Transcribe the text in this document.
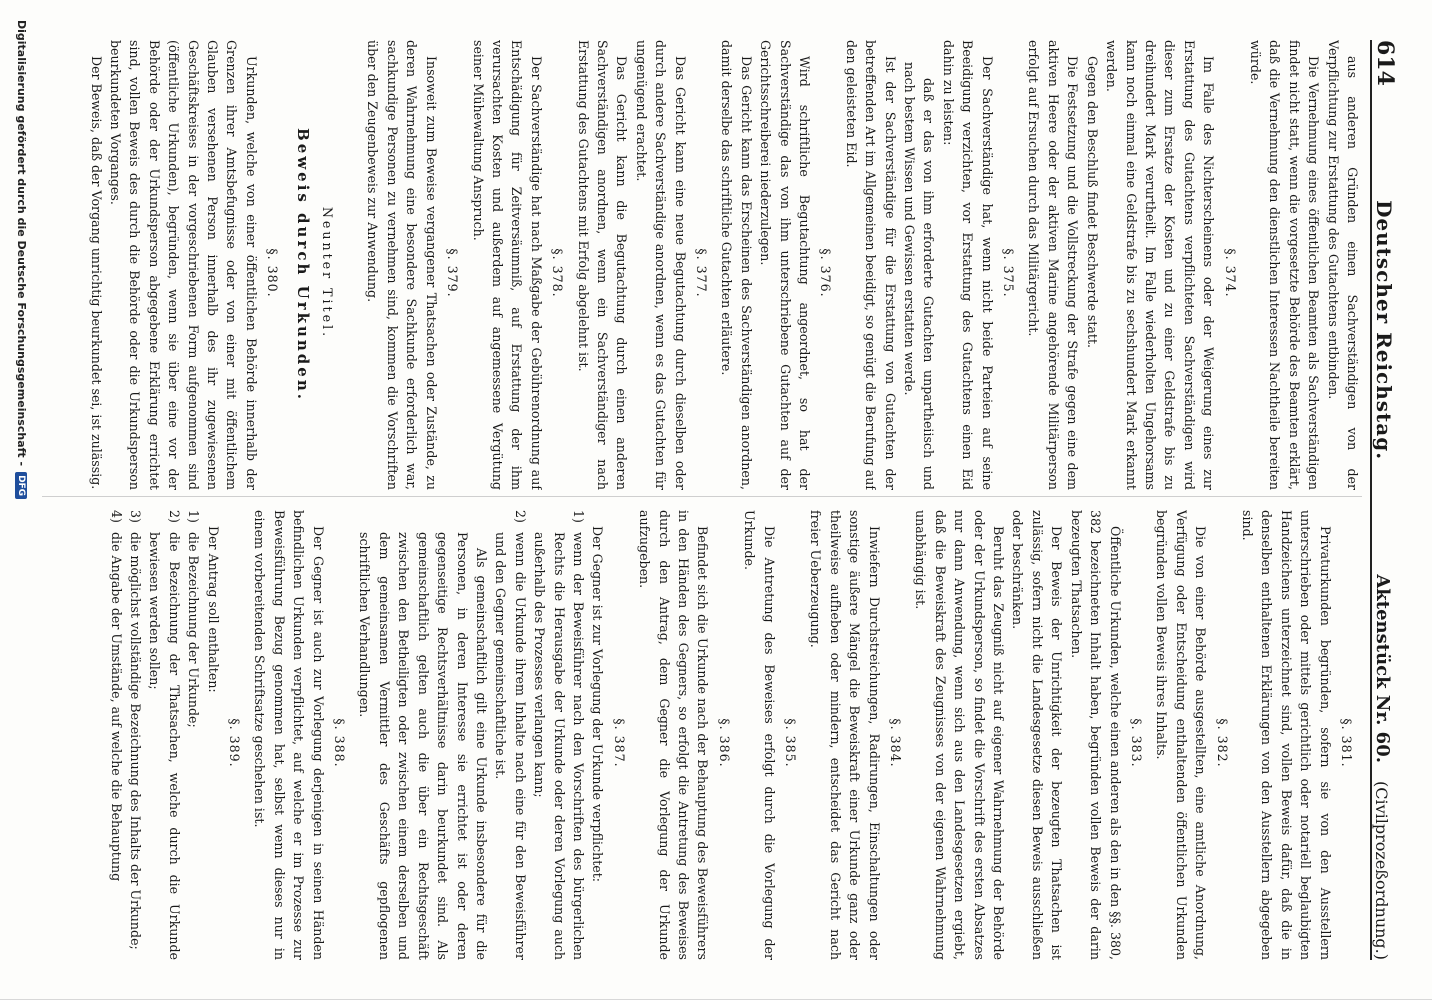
614
Deutscher Reichstag.
Aktenstück Nr. 60.
(Civilprozeßordnung.)

aus anderen Gründen einen Sachverständigen von der Verpflichtung zur Erstattung des Gutachtens entbinden.

Die Vernehmung eines öffentlichen Beamten als Sachverständigen findet nicht statt, wenn die vorgesetzte Behörde des Beamten erklärt, daß die Vernehmung den dienstlichen Interessen Nachtheile bereiten würde.

§. 374.

Im Falle des Nichterscheinens oder der Weigerung eines zur Erstattung des Gutachtens verpflichteten Sachverständigen wird dieser zum Ersatze der Kosten und zu einer Geldstrafe bis zu dreihundert Mark verurtheilt. Im Falle wiederholten Ungehorsams kann noch einmal eine Geldstrafe bis zu sechshundert Mark erkannt werden.

Gegen den Beschluß findet Beschwerde statt.

Die Festsetzung und die Vollstreckung der Strafe gegen eine dem aktiven Heere oder der aktiven Marine angehörende Militärperson erfolgt auf Ersuchen durch das Militärgericht.

§. 375.

Der Sachverständige hat, wenn nicht beide Parteien auf seine Beeidigung verzichten, vor Erstattung des Gutachtens einen Eid dahin zu leisten:

daß er das von ihm erforderte Gutachten unpartheiisch und nach bestem Wissen und Gewissen erstatten werde.

Ist der Sachverständige für die Erstattung von Gutachten der betreffenden Art im Allgemeinen beeidigt, so genügt die Berufung auf den geleisteten Eid.

§. 376.

Wird schriftliche Begutachtung angeordnet, so hat der Sachverständige das von ihm unterschriebene Gutachten auf der Gerichtsschreiberei niederzulegen.

Das Gericht kann das Erscheinen des Sachverständigen anordnen, damit derselbe das schriftliche Gutachten erläutere.

§. 377.

Das Gericht kann eine neue Begutachtung durch dieselben oder durch andere Sachverständige anordnen, wenn es das Gutachten für ungenügend erachtet.

Das Gericht kann die Begutachtung durch einen anderen Sachverständigen anordnen, wenn ein Sachverständiger nach Erstattung des Gutachtens mit Erfolg abgelehnt ist.

§. 378.

Der Sachverständige hat nach Maßgabe der Gebührenordnung auf Entschädigung für Zeitversäumniß, auf Erstattung der ihm verursachten Kosten und außerdem auf angemessene Vergütung seiner Mühewaltung Anspruch.

§. 379.

Insoweit zum Beweise vergangener Thatsachen oder Zustände, zu deren Wahrnehmung eine besondere Sachkunde erforderlich war, sachkundige Personen zu vernehmen sind, kommen die Vorschriften über den Zeugenbeweis zur Anwendung.

Neunter Titel.

Beweis durch Urkunden.

§. 380.

Urkunden, welche von einer öffentlichen Behörde innerhalb der Grenzen ihrer Amtsbefugnisse oder von einer mit öffentlichem Glauben versehenen Person innerhalb des ihr zugewiesenen Geschäftskreises in der vorgeschriebenen Form aufgenommen sind (öffentliche Urkunden), begründen, wenn sie über eine vor der Behörde oder der Urkundsperson abgegebene Erklärung errichtet sind, vollen Beweis des durch die Behörde oder die Urkundsperson beurkundeten Vorganges.

Der Beweis, daß der Vorgang unrichtig beurkundet sei, ist zulässig.

§. 381.

Privaturkunden begründen, sofern sie von den Ausstellern unterschrieben oder mittels gerichtlich oder notariell beglaubigten Handzeichens unterzeichnet sind, vollen Beweis dafür, daß die in denselben enthaltenen Erklärungen von den Ausstellern abgegeben sind.

§. 382.

Die von einer Behörde ausgestellten, eine amtliche Anordnung, Verfügung oder Entscheidung enthaltenden öffentlichen Urkunden begründen vollen Beweis ihres Inhalts.

§. 383.

Öffentliche Urkunden, welche einen anderen als den in den §§. 380, 382 bezeichneten Inhalt haben, begründen vollen Beweis der darin bezeugten Thatsachen.

Der Beweis der Unrichtigkeit der bezeugten Thatsachen ist zulässig, sofern nicht die Landesgesetze diesen Beweis ausschließen oder beschränken.

Beruht das Zeugniß nicht auf eigener Wahrnehmung der Behörde oder der Urkundsperson, so findet die Vorschrift des ersten Absatzes nur dann Anwendung, wenn sich aus den Landesgesetzen ergiebt, daß die Beweiskraft des Zeugnisses von der eigenen Wahrnehmung unabhängig ist.

§. 384.

Inwiefern Durchstreichungen, Radirungen, Einschaltungen oder sonstige äußere Mängel die Beweiskraft einer Urkunde ganz oder theilweise aufheben oder mindern, entscheidet das Gericht nach freier Ueberzeugung.

§. 385.

Die Antretung des Beweises erfolgt durch die Vorlegung der Urkunde.

§. 386.

Befindet sich die Urkunde nach der Behauptung des Beweisführers in den Händen des Gegners, so erfolgt die Antretung des Beweises durch den Antrag, dem Gegner die Vorlegung der Urkunde aufzugeben.

§. 387.

Der Gegner ist zur Vorlegung der Urkunde verpflichtet:

1)
wenn der Beweisführer nach den Vorschriften des bürgerlichen Rechts die Herausgabe der Urkunde oder deren Vorlegung auch außerhalb des Prozesses verlangen kann;

2)
wenn die Urkunde ihrem Inhalte nach eine für den Beweisführer und den Gegner gemeinschaftliche ist.

Als gemeinschaftlich gilt eine Urkunde insbesondere für die Personen, in deren Interesse sie errichtet ist oder deren gegenseitige Rechtsverhältnisse darin beurkundet sind. Als gemeinschaftlich gelten auch die über ein Rechtsgeschäft zwischen den Betheiligten oder zwischen einem derselben und dem gemeinsamen Vermittler des Geschäfts gepflogenen schriftlichen Verhandlungen.

§. 388.

Der Gegner ist auch zur Vorlegung derjenigen in seinen Händen befindlichen Urkunden verpflichtet, auf welche er im Prozesse zur Beweisführung Bezug genommen hat, selbst wenn dieses nur in einem vorbereitenden Schriftsatze geschehen ist.

§. 389.

Der Antrag soll enthalten:

1)
die Bezeichnung der Urkunde;

2)
die Bezeichnung der Thatsachen, welche durch die Urkunde bewiesen werden sollen;

3)
die möglichst vollständige Bezeichnung des Inhalts der Urkunde;

4)
die Angabe der Umstände, auf welche die Behauptung

Digitalisierung gefördert durch die Deutsche Forschungsgemeinschaft -
DFG
